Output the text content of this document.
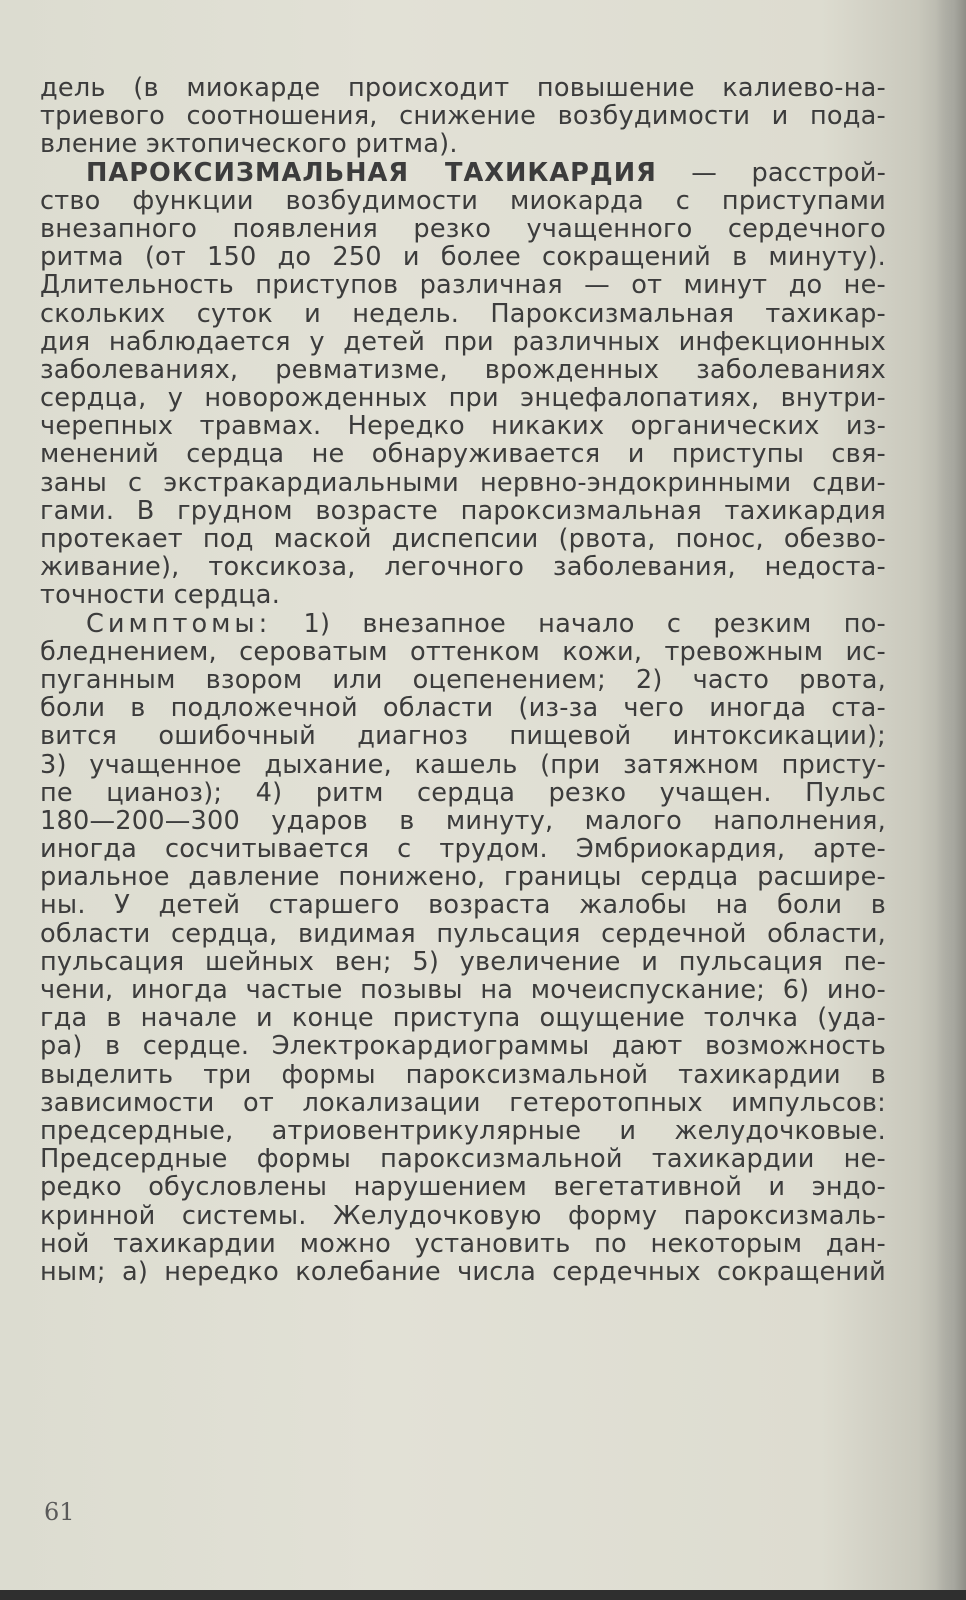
дель (в миокарде происходит повышение калиево-на-
триевого соотношения, снижение возбудимости и пода-
вление эктопического ритма).
ПАРОКСИЗМАЛЬНАЯ ТАХИКАРДИЯ — расстрой-
ство функции возбудимости миокарда с приступами
внезапного появления резко учащенного сердечного
ритма (от 150 до 250 и более сокращений в минуту).
Длительность приступов различная — от минут до не-
скольких суток и недель. Пароксизмальная тахикар-
дия наблюдается у детей при различных инфекционных
заболеваниях, ревматизме, врожденных заболеваниях
сердца, у новорожденных при энцефалопатиях, внутри-
черепных травмах. Нередко никаких органических из-
менений сердца не обнаруживается и приступы свя-
заны с экстракардиальными нервно-эндокринными сдви-
гами. В грудном возрасте пароксизмальная тахикардия
протекает под маской диспепсии (рвота, понос, обезво-
живание), токсикоза, легочного заболевания, недоста-
точности сердца.
Симптомы: 1) внезапное начало с резким по-
бледнением, сероватым оттенком кожи, тревожным ис-
пуганным взором или оцепенением; 2) часто рвота,
боли в подложечной области (из-за чего иногда ста-
вится ошибочный диагноз пищевой интоксикации);
3) учащенное дыхание, кашель (при затяжном присту-
пе цианоз); 4) ритм сердца резко учащен. Пульс
180—200—300 ударов в минуту, малого наполнения,
иногда сосчитывается с трудом. Эмбриокардия, арте-
риальное давление понижено, границы сердца расшире-
ны. У детей старшего возраста жалобы на боли в
области сердца, видимая пульсация сердечной области,
пульсация шейных вен; 5) увеличение и пульсация пе-
чени, иногда частые позывы на мочеиспускание; 6) ино-
гда в начале и конце приступа ощущение толчка (уда-
ра) в сердце. Электрокардиограммы дают возможность
выделить три формы пароксизмальной тахикардии в
зависимости от локализации гетеротопных импульсов:
предсердные, атриовентрикулярные и желудочковые.
Предсердные формы пароксизмальной тахикардии не-
редко обусловлены нарушением вегетативной и эндо-
кринной системы. Желудочковую форму пароксизмаль-
ной тахикардии можно установить по некоторым дан-
ным; а) нередко колебание числа сердечных сокращений
61
